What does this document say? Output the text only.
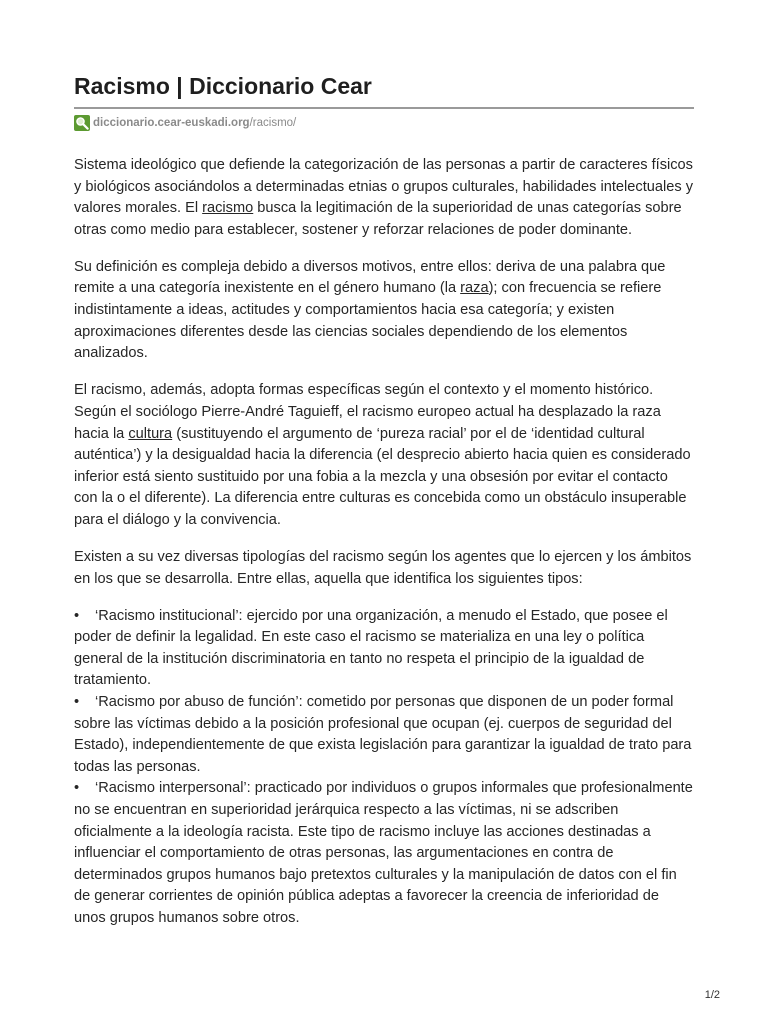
Racismo | Diccionario Cear
diccionario.cear-euskadi.org /racismo/

Sistema ideológico que defiende la categorización de las personas a partir de caracteres físicos y biológicos asociándolos a determinadas etnias o grupos culturales, habilidades intelectuales y valores morales. El racismo busca la legitimación de la superioridad de unas categorías sobre otras como medio para establecer, sostener y reforzar relaciones de poder dominante.

Su definición es compleja debido a diversos motivos, entre ellos: deriva de una palabra que remite a una categoría inexistente en el género humano (la raza); con frecuencia se refiere indistintamente a ideas, actitudes y comportamientos hacia esa categoría; y existen aproximaciones diferentes desde las ciencias sociales dependiendo de los elementos analizados.

El racismo, además, adopta formas específicas según el contexto y el momento histórico. Según el sociólogo Pierre-André Taguieff, el racismo europeo actual ha desplazado la raza hacia la cultura (sustituyendo el argumento de ‘pureza racial’ por el de ‘identidad cultural auténtica’) y la desigualdad hacia la diferencia (el desprecio abierto hacia quien es considerado inferior está siento sustituido por una fobia a la mezcla y una obsesión por evitar el contacto con la o el diferente). La diferencia entre culturas es concebida como un obstáculo insuperable para el diálogo y la convivencia.

Existen a su vez diversas tipologías del racismo según los agentes que lo ejercen y los ámbitos en los que se desarrolla. Entre ellas, aquella que identifica los siguientes tipos:

• ‘Racismo institucional’: ejercido por una organización, a menudo el Estado, que posee el poder de definir la legalidad. En este caso el racismo se materializa en una ley o política general de la institución discriminatoria en tanto no respeta el principio de la igualdad de tratamiento.
• ‘Racismo por abuso de función’: cometido por personas que disponen de un poder formal sobre las víctimas debido a la posición profesional que ocupan (ej. cuerpos de seguridad del Estado), independientemente de que exista legislación para garantizar la igualdad de trato para todas las personas.
• ‘Racismo interpersonal’: practicado por individuos o grupos informales que profesionalmente no se encuentran en superioridad jerárquica respecto a las víctimas, ni se adscriben oficialmente a la ideología racista. Este tipo de racismo incluye las acciones destinadas a influenciar el comportamiento de otras personas, las argumentaciones en contra de determinados grupos humanos bajo pretextos culturales y la manipulación de datos con el fin de generar corrientes de opinión pública adeptas a favorecer la creencia de inferioridad de unos grupos humanos sobre otros.
1/2
